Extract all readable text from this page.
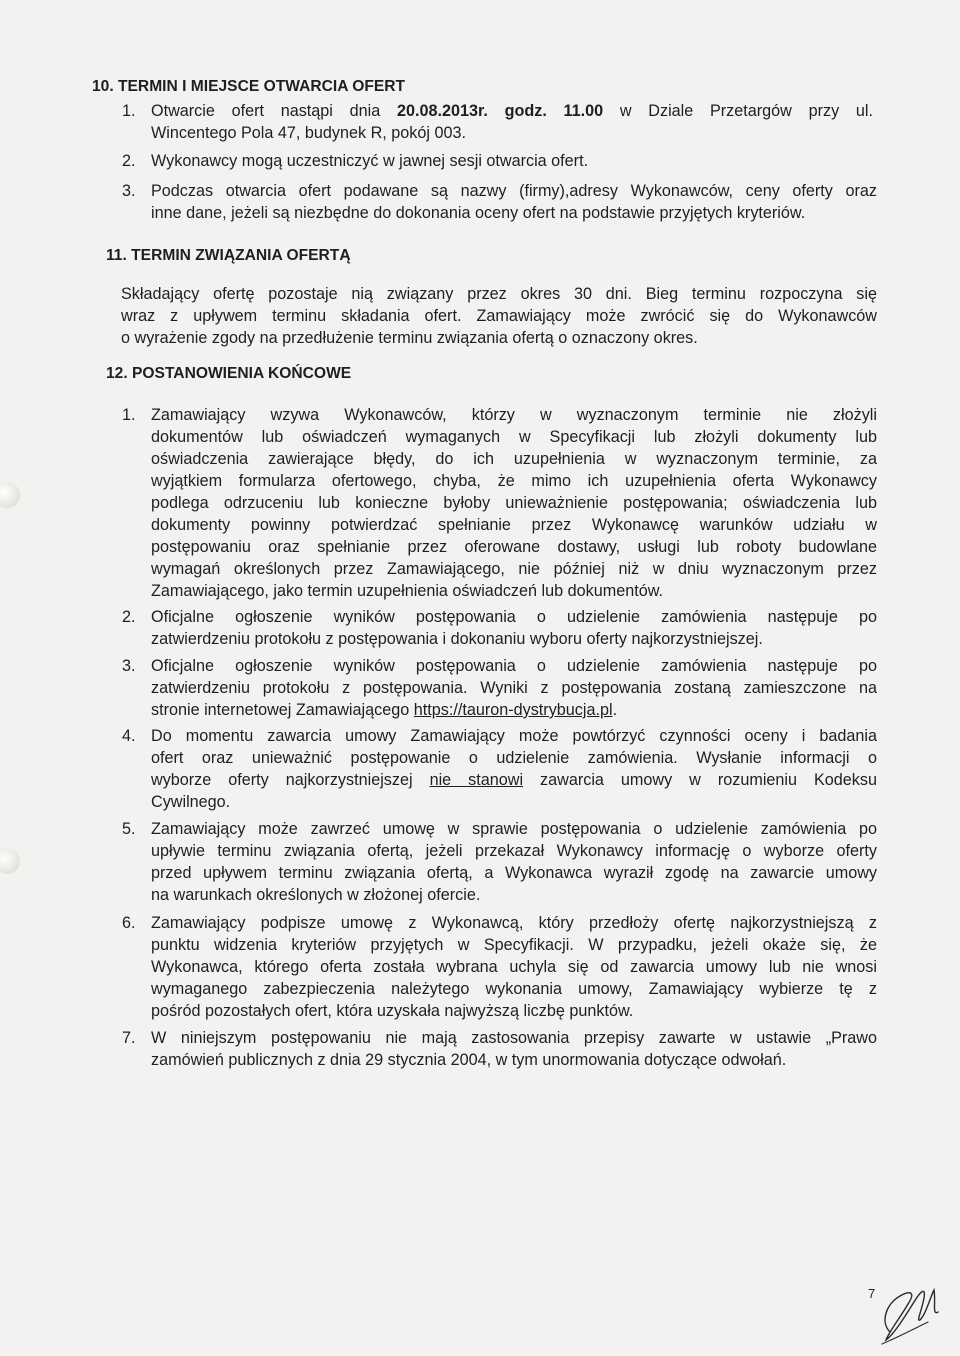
10. TERMIN I MIEJSCE OTWARCIA OFERT
1. Otwarcie ofert nastąpi dnia 20.08.2013r. godz. 11.00 w Dziale Przetargów przy ul.
Wincentego Pola 47, budynek R, pokój 003.
2. Wykonawcy mogą uczestniczyć w jawnej sesji otwarcia ofert.
3. Podczas otwarcia ofert podawane są nazwy (firmy),adresy Wykonawców, ceny oferty oraz
inne dane, jeżeli są niezbędne do dokonania oceny ofert na podstawie przyjętych kryteriów.
11. TERMIN ZWIĄZANIA OFERTĄ
Składający ofertę pozostaje nią związany przez okres 30 dni. Bieg terminu rozpoczyna się
wraz z upływem terminu składania ofert. Zamawiający może zwrócić się do Wykonawców
o wyrażenie zgody na przedłużenie terminu związania ofertą o oznaczony okres.
12. POSTANOWIENIA KOŃCOWE
1. Zamawiający wzywa Wykonawców, którzy w wyznaczonym terminie nie złożyli
dokumentów lub oświadczeń wymaganych w Specyfikacji lub złożyli dokumenty lub
oświadczenia zawierające błędy, do ich uzupełnienia w wyznaczonym terminie, za
wyjątkiem formularza ofertowego, chyba, że mimo ich uzupełnienia oferta Wykonawcy
podlega odrzuceniu lub konieczne byłoby unieważnienie postępowania; oświadczenia lub
dokumenty powinny potwierdzać spełnianie przez Wykonawcę warunków udziału w
postępowaniu oraz spełnianie przez oferowane dostawy, usługi lub roboty budowlane
wymagań określonych przez Zamawiającego, nie później niż w dniu wyznaczonym przez
Zamawiającego, jako termin uzupełnienia oświadczeń lub dokumentów.
2. Oficjalne ogłoszenie wyników postępowania o udzielenie zamówienia następuje po
zatwierdzeniu protokołu z postępowania i dokonaniu wyboru oferty najkorzystniejszej.
3. Oficjalne ogłoszenie wyników postępowania o udzielenie zamówienia następuje po
zatwierdzeniu protokołu z postępowania. Wyniki z postępowania zostaną zamieszczone na
stronie internetowej Zamawiającego https://tauron-dystrybucja.pl.
4. Do momentu zawarcia umowy Zamawiający może powtórzyć czynności oceny i badania
ofert oraz unieważnić postępowanie o udzielenie zamówienia. Wysłanie informacji o
wyborze oferty najkorzystniejszej nie stanowi zawarcia umowy w rozumieniu Kodeksu
Cywilnego.
5. Zamawiający może zawrzeć umowę w sprawie postępowania o udzielenie zamówienia po
upływie terminu związania ofertą, jeżeli przekazał Wykonawcy informację o wyborze oferty
przed upływem terminu związania ofertą, a Wykonawca wyraził zgodę na zawarcie umowy
na warunkach określonych w złożonej ofercie.
6. Zamawiający podpisze umowę z Wykonawcą, który przedłoży ofertę najkorzystniejszą z
punktu widzenia kryteriów przyjętych w Specyfikacji. W przypadku, jeżeli okaże się, że
Wykonawca, którego oferta została wybrana uchyla się od zawarcia umowy lub nie wnosi
wymaganego zabezpieczenia należytego wykonania umowy, Zamawiający wybierze tę z
pośród pozostałych ofert, która uzyskała najwyższą liczbę punktów.
7. W niniejszym postępowaniu nie mają zastosowania przepisy zawarte w ustawie „Prawo
zamówień publicznych z dnia 29 stycznia 2004, w tym unormowania dotyczące odwołań.
7
